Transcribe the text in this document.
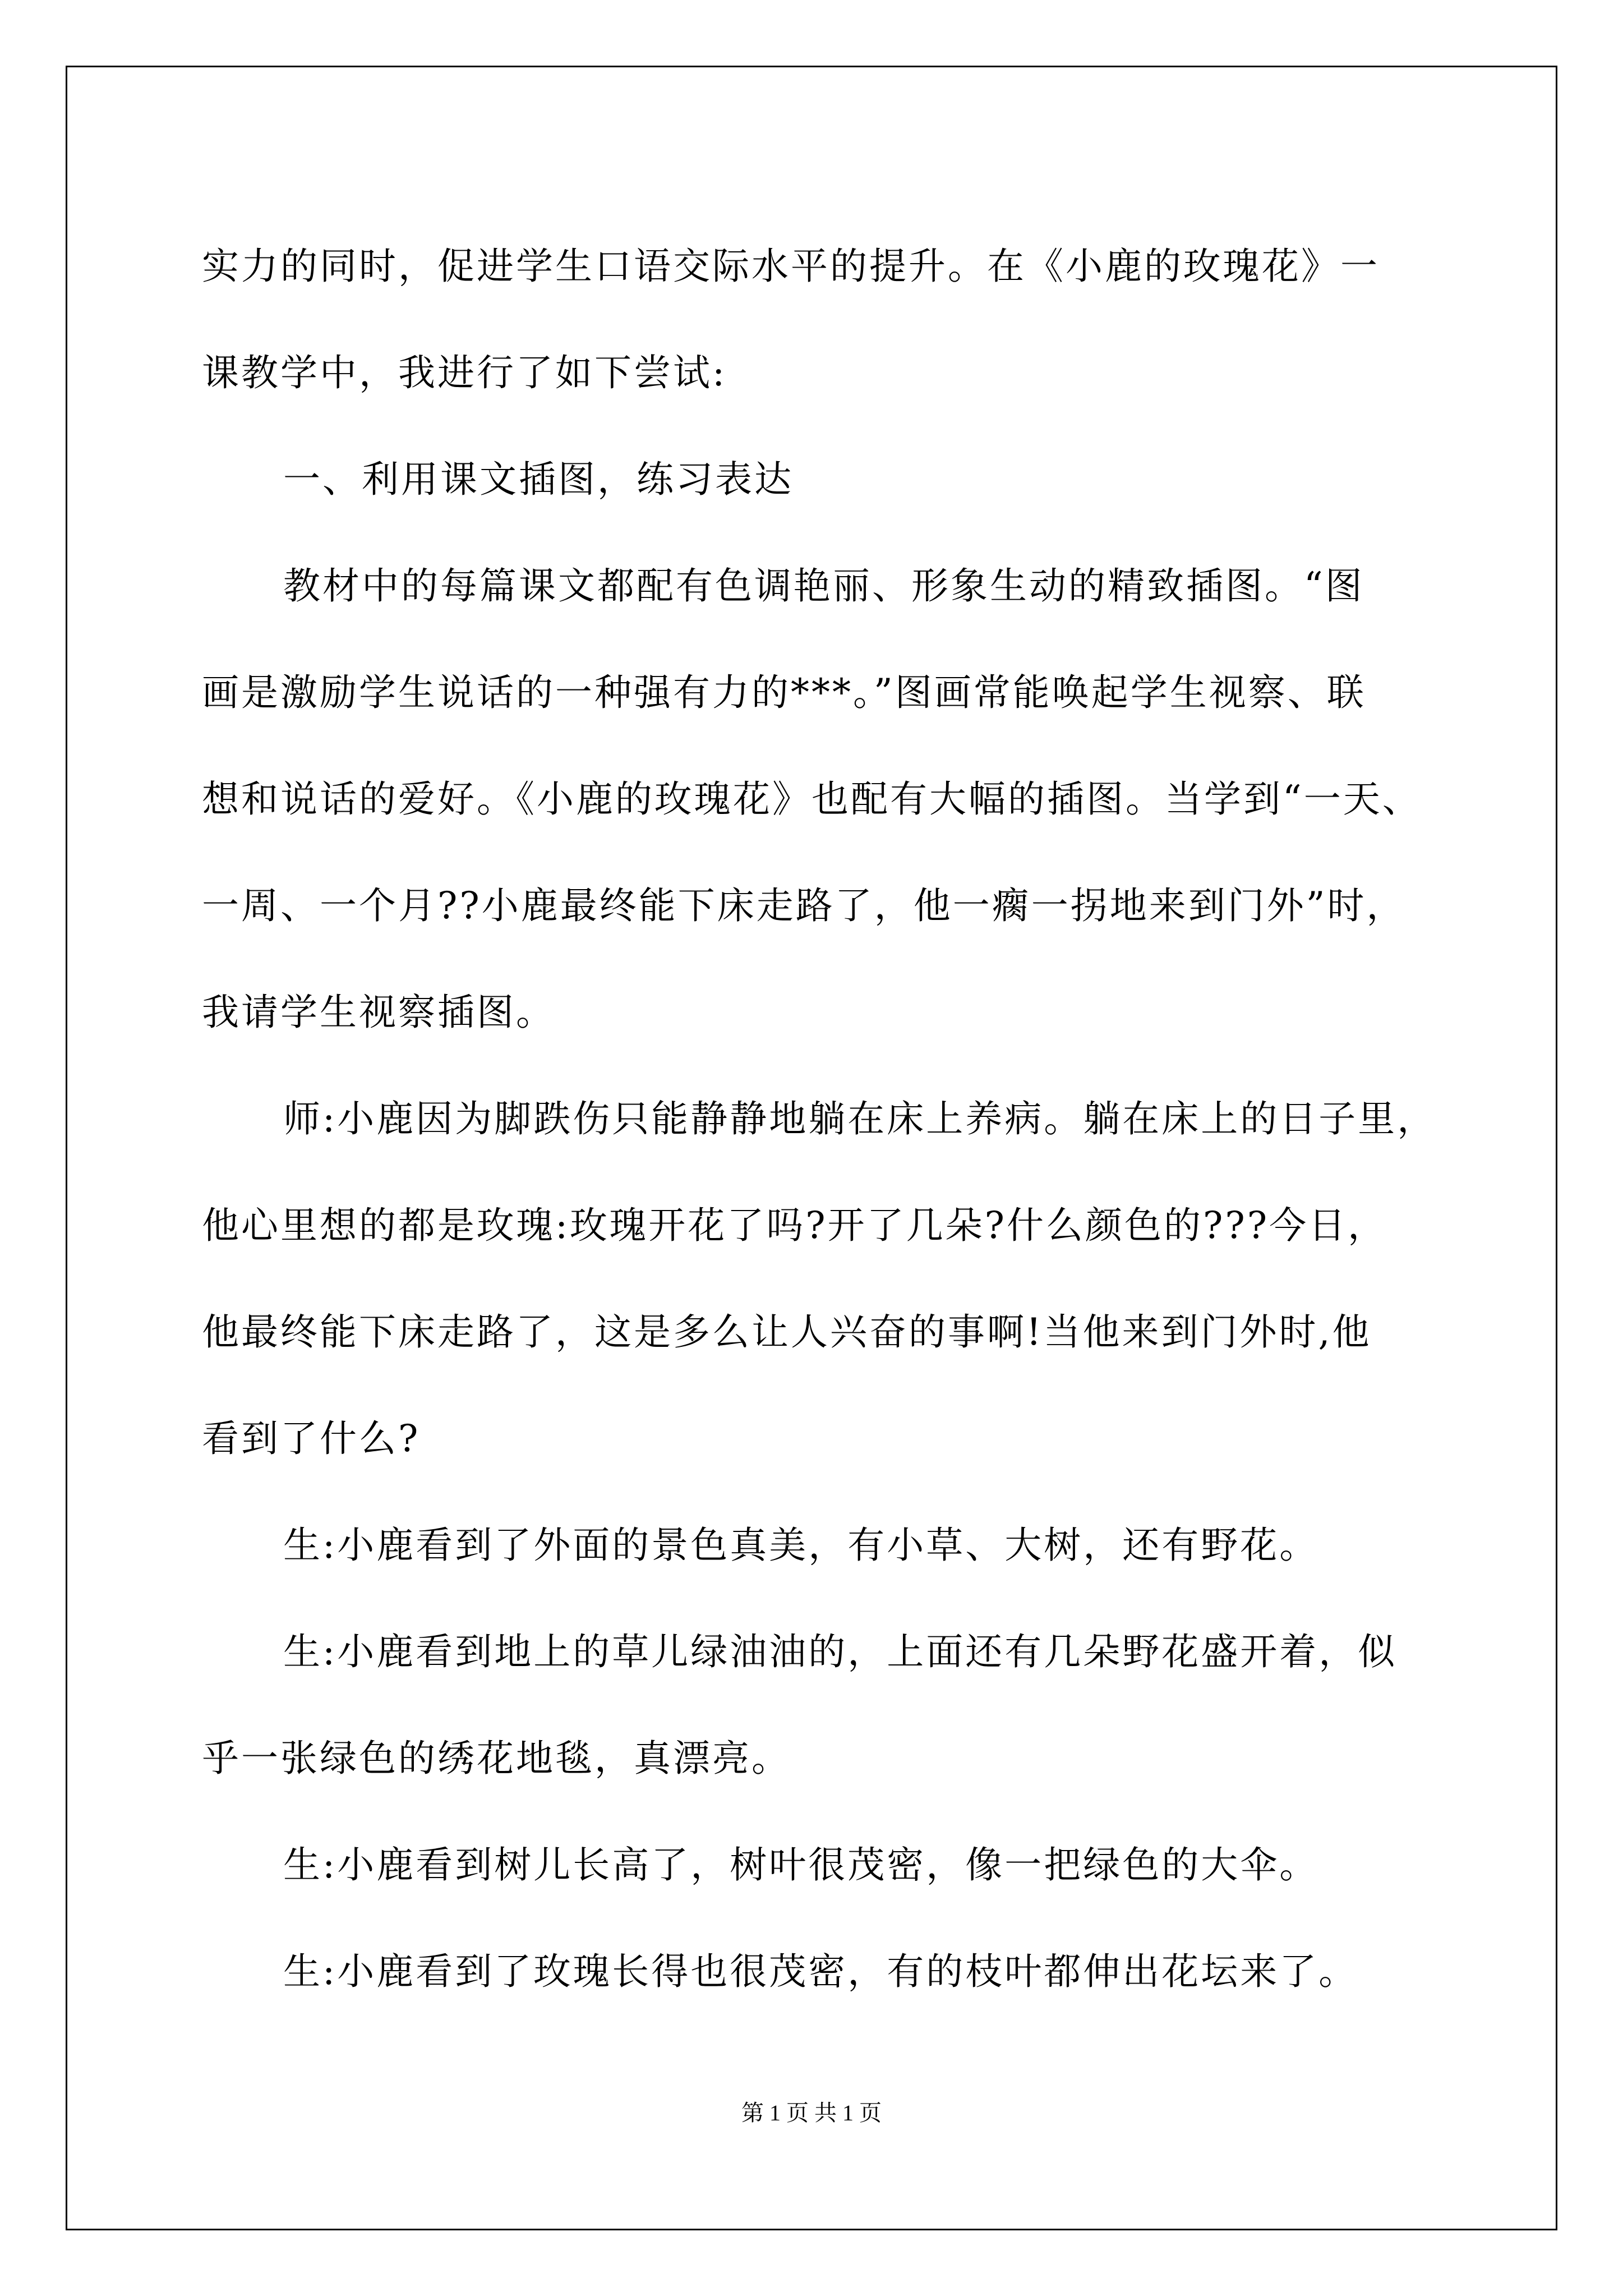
实力的同时，促进学生口语交际水平的提升。在《小鹿的玫瑰花》一
课教学中，我进行了如下尝试:
一、利用课文插图，练习表达
教材中的每篇课文都配有色调艳丽、形象生动的精致插图。“图
画是激励学生说话的一种强有力的***。”图画常能唤起学生视察、联
想和说话的爱好。《小鹿的玫瑰花》也配有大幅的插图。当学到“一天、
一周、一个月??小鹿最终能下床走路了，他一瘸一拐地来到门外”时，
我请学生视察插图。
师:小鹿因为脚跌伤只能静静地躺在床上养病。躺在床上的日子里，
他心里想的都是玫瑰:玫瑰开花了吗?开了几朵?什么颜色的???今日，
他最终能下床走路了，这是多么让人兴奋的事啊!当他来到门外时,他
看到了什么?
生:小鹿看到了外面的景色真美，有小草、大树，还有野花。
生:小鹿看到地上的草儿绿油油的，上面还有几朵野花盛开着，似
乎一张绿色的绣花地毯，真漂亮。
生:小鹿看到树儿长高了，树叶很茂密，像一把绿色的大伞。
生:小鹿看到了玫瑰长得也很茂密，有的枝叶都伸出花坛来了。
第 1 页 共 1 页
